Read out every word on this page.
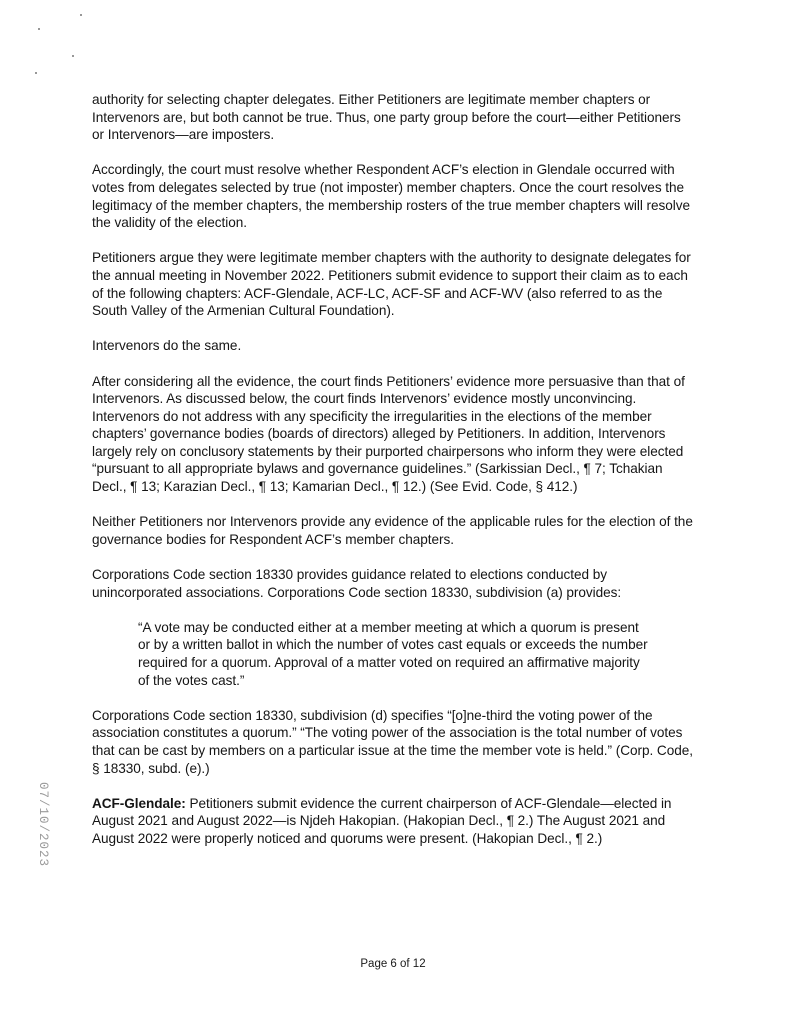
authority for selecting chapter delegates. Either Petitioners are legitimate member chapters or Intervenors are, but both cannot be true. Thus, one party group before the court—either Petitioners or Intervenors—are imposters.

Accordingly, the court must resolve whether Respondent ACF’s election in Glendale occurred with votes from delegates selected by true (not imposter) member chapters. Once the court resolves the legitimacy of the member chapters, the membership rosters of the true member chapters will resolve the validity of the election.

Petitioners argue they were legitimate member chapters with the authority to designate delegates for the annual meeting in November 2022. Petitioners submit evidence to support their claim as to each of the following chapters: ACF-Glendale, ACF-LC, ACF-SF and ACF-WV (also referred to as the South Valley of the Armenian Cultural Foundation).

Intervenors do the same.

After considering all the evidence, the court finds Petitioners’ evidence more persuasive than that of Intervenors. As discussed below, the court finds Intervenors’ evidence mostly unconvincing. Intervenors do not address with any specificity the irregularities in the elections of the member chapters’ governance bodies (boards of directors) alleged by Petitioners. In addition, Intervenors largely rely on conclusory statements by their purported chairpersons who inform they were elected “pursuant to all appropriate bylaws and governance guidelines.” (Sarkissian Decl., ¶ 7; Tchakian Decl., ¶ 13; Karazian Decl., ¶ 13; Kamarian Decl., ¶ 12.) (See Evid. Code, § 412.)

Neither Petitioners nor Intervenors provide any evidence of the applicable rules for the election of the governance bodies for Respondent ACF’s member chapters.

Corporations Code section 18330 provides guidance related to elections conducted by unincorporated associations. Corporations Code section 18330, subdivision (a) provides:

“A vote may be conducted either at a member meeting at which a quorum is present or by a written ballot in which the number of votes cast equals or exceeds the number required for a quorum. Approval of a matter voted on required an affirmative majority of the votes cast.”

Corporations Code section 18330, subdivision (d) specifies “[o]ne-third the voting power of the association constitutes a quorum.” “The voting power of the association is the total number of votes that can be cast by members on a particular issue at the time the member vote is held.” (Corp. Code, § 18330, subd. (e).)

ACF-Glendale: Petitioners submit evidence the current chairperson of ACF-Glendale—elected in August 2021 and August 2022—is Njdeh Hakopian. (Hakopian Decl., ¶ 2.) The August 2021 and August 2022 were properly noticed and quorums were present. (Hakopian Decl., ¶ 2.)

07/10/2023
Page 6 of 12
